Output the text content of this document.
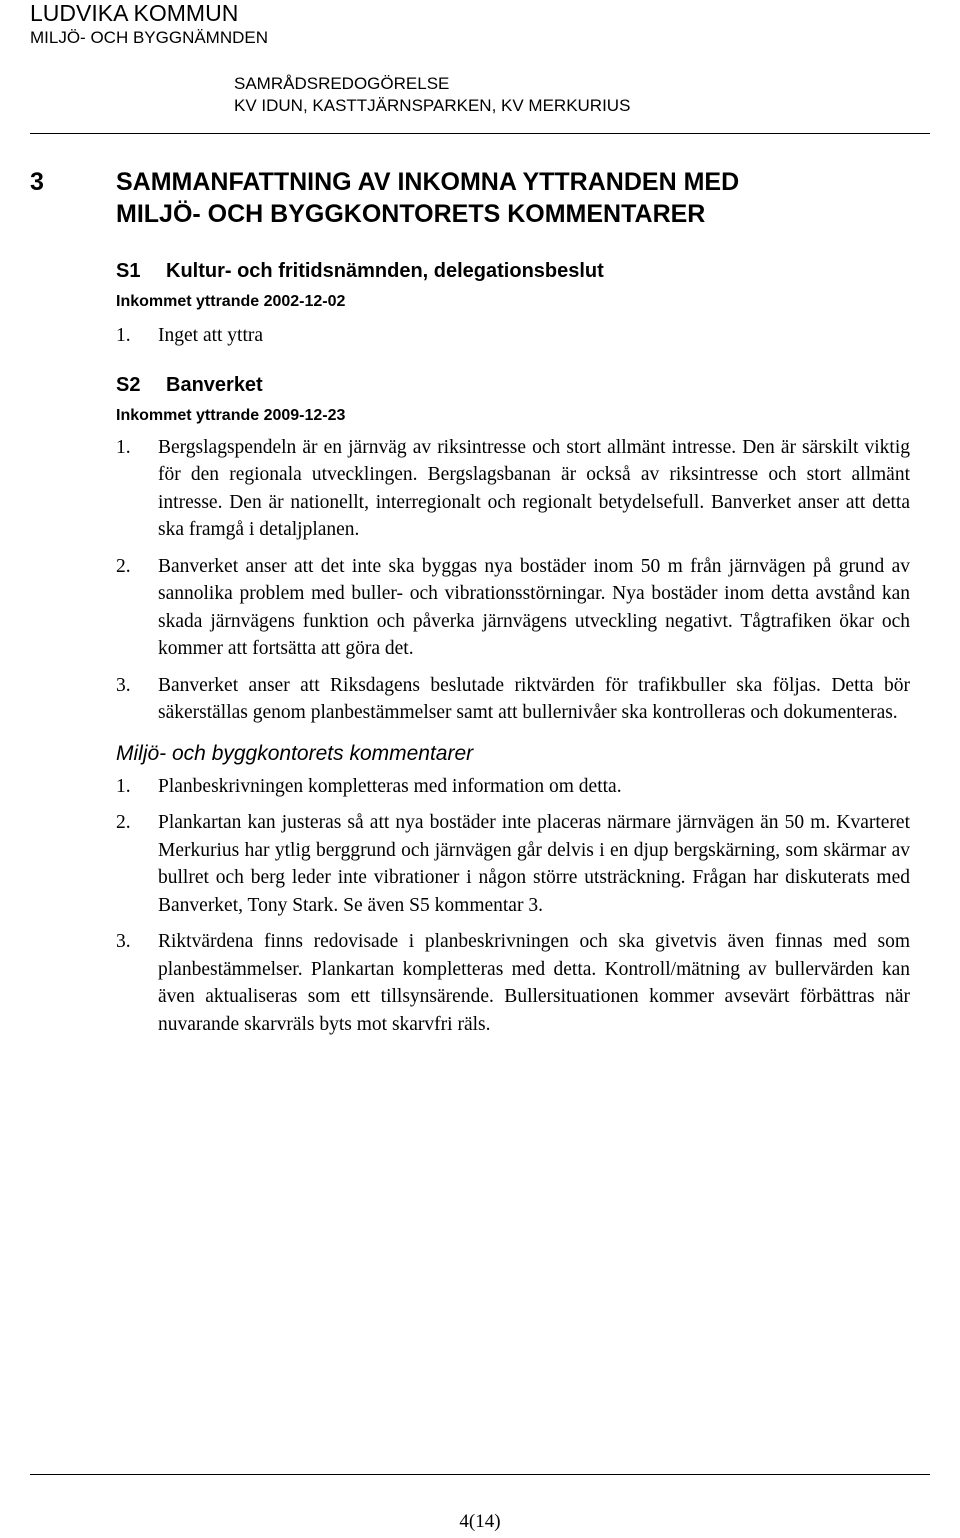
LUDVIKA KOMMUN
MILJÖ- OCH BYGGNÄMNDEN
SAMRÅDSREDOGÖRELSE
KV IDUN, KASTTJÄRNSPARKEN, KV MERKURIUS
3	SAMMANFATTNING AV INKOMNA YTTRANDEN MED
MILJÖ- OCH BYGGKONTORETS KOMMENTARER
S1	Kultur- och fritidsnämnden, delegationsbeslut
Inkommet yttrande 2002-12-02
1.	Inget att yttra
S2	Banverket
Inkommet yttrande 2009-12-23
1.	Bergslagspendeln är en järnväg av riksintresse och stort allmänt intresse. Den är särskilt viktig för den regionala utvecklingen. Bergslagsbanan är också av riksintresse och stort allmänt intresse. Den är nationellt, interregionalt och regionalt betydelsefull. Banverket anser att detta ska framgå i detaljplanen.
2.	Banverket anser att det inte ska byggas nya bostäder inom 50 m från järnvägen på grund av sannolika problem med buller- och vibrationsstörningar. Nya bostäder inom detta avstånd kan skada järnvägens funktion och påverka järnvägens utveckling negativt. Tågtrafiken ökar och kommer att fortsätta att göra det.
3.	Banverket anser att Riksdagens beslutade riktvärden för trafikbuller ska följas. Detta bör säkerställas genom planbestämmelser samt att bullernivåer ska kontrolleras och dokumenteras.
Miljö- och byggkontorets kommentarer
1.	Planbeskrivningen kompletteras med information om detta.
2.	Plankartan kan justeras så att nya bostäder inte placeras närmare järnvägen än 50 m. Kvarteret Merkurius har ytlig berggrund och järnvägen går delvis i en djup bergskärning, som skärmar av bullret och berg leder inte vibrationer i någon större utsträckning. Frågan har diskuterats med Banverket, Tony Stark. Se även S5 kommentar 3.
3.	Riktvärdena finns redovisade i planbeskrivningen och ska givetvis även finnas med som planbestämmelser. Plankartan kompletteras med detta. Kontroll/mätning av bullervärden kan även aktualiseras som ett tillsynsärende. Bullersituationen kommer avsevärt förbättras när nuvarande skarvräls byts mot skarvfri räls.
4(14)
